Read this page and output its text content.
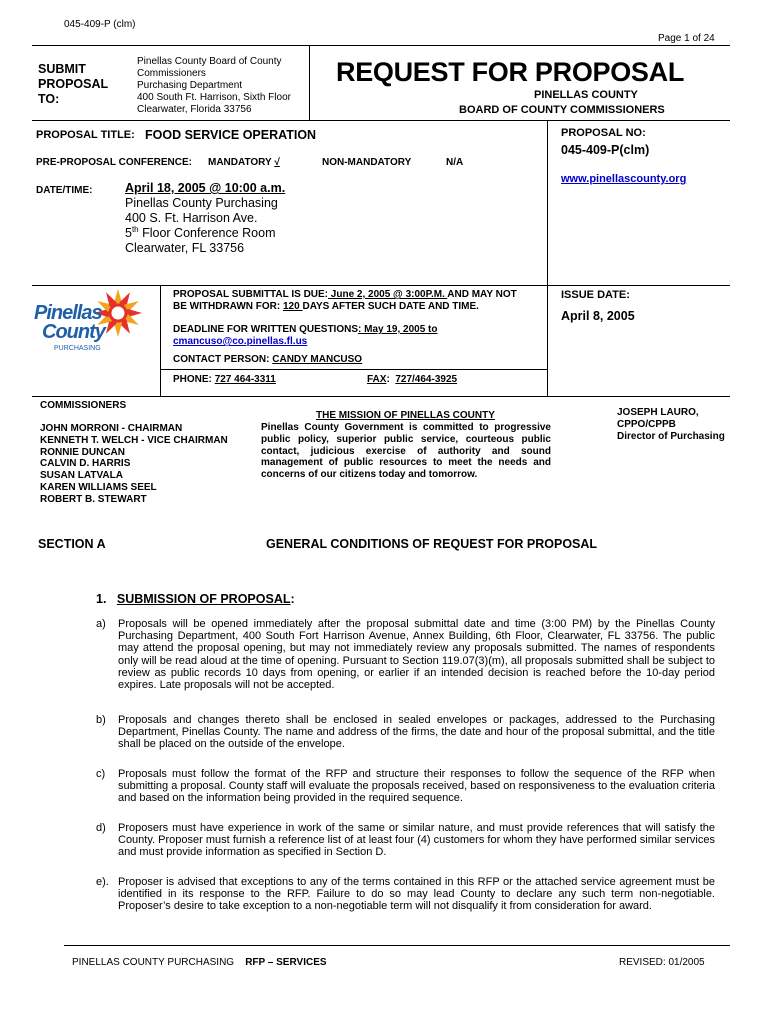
045-409-P (clm)
Page 1 of 24
SUBMIT
PROPOSAL
TO:
Pinellas County Board of County
Commissioners
Purchasing Department
400 South Ft. Harrison, Sixth Floor
Clearwater, Florida 33756
REQUEST FOR PROPOSAL
PINELLAS COUNTY
BOARD OF COUNTY COMMISSIONERS
PROPOSAL TITLE: FOOD SERVICE OPERATION
PRE-PROPOSAL CONFERENCE: MANDATORY √	NON-MANDATORY	N/A
DATE/TIME:	April 18, 2005 @ 10:00 a.m.
Pinellas County Purchasing
400 S. Ft. Harrison Ave.
5th Floor Conference Room
Clearwater, FL 33756
PROPOSAL NO:
045-409-P(clm)
www.pinellascounty.org
Pinellas
County
PURCHASING
PROPOSAL SUBMITTAL IS DUE: June 2, 2005 @ 3:00P.M. AND MAY NOT
BE WITHDRAWN FOR: 120 DAYS AFTER SUCH DATE AND TIME.
DEADLINE FOR WRITTEN QUESTIONS: May 19, 2005 to
cmancuso@co.pinellas.fl.us
CONTACT PERSON: CANDY MANCUSO
PHONE: 727 464-3311	FAX:  727/464-3925
ISSUE DATE:
April 8, 2005
COMMISSIONERS
JOHN MORRONI - CHAIRMAN
KENNETH T. WELCH - VICE CHAIRMAN
RONNIE DUNCAN
CALVIN D. HARRIS
SUSAN LATVALA
KAREN WILLIAMS SEEL
ROBERT B. STEWART
THE MISSION OF PINELLAS COUNTY
Pinellas County Government is committed to progressive
public policy, superior public service, courteous public
contact, judicious exercise of authority and sound
management of public resources to meet the needs and
concerns of our citizens today and tomorrow.
JOSEPH LAURO,
CPPO/CPPB
Director of Purchasing
SECTION A	GENERAL CONDITIONS OF REQUEST FOR PROPOSAL
1. SUBMISSION OF PROPOSAL:
a) Proposals will be opened immediately after the proposal submittal date and time (3:00 PM) by the Pinellas County Purchasing Department, 400 South Fort Harrison Avenue, Annex Building, 6th Floor, Clearwater, FL 33756. The public may attend the proposal opening, but may not immediately review any proposals submitted. The names of respondents only will be read aloud at the time of opening. Pursuant to Section 119.07(3)(m), all proposals submitted shall be subject to review as public records 10 days from opening, or earlier if an intended decision is reached before the 10-day period expires. Late proposals will not be accepted.
b) Proposals and changes thereto shall be enclosed in sealed envelopes or packages, addressed to the Purchasing Department, Pinellas County. The name and address of the firms, the date and hour of the proposal submittal, and the title shall be placed on the outside of the envelope.
c) Proposals must follow the format of the RFP and structure their responses to follow the sequence of the RFP when submitting a proposal. County staff will evaluate the proposals received, based on responsiveness to the evaluation criteria and based on the information being provided in the required sequence.
d) Proposers must have experience in work of the same or similar nature, and must provide references that will satisfy the County. Proposer must furnish a reference list of at least four (4) customers for whom they have performed similar services and must provide information as specified in Section D.
e). Proposer is advised that exceptions to any of the terms contained in this RFP or the attached service agreement must be identified in its response to the RFP. Failure to do so may lead County to declare any such term non-negotiable. Proposer’s desire to take exception to a non-negotiable term will not disqualify it from consideration for award.
PINELLAS COUNTY PURCHASING RFP – SERVICES	REVISED: 01/2005
